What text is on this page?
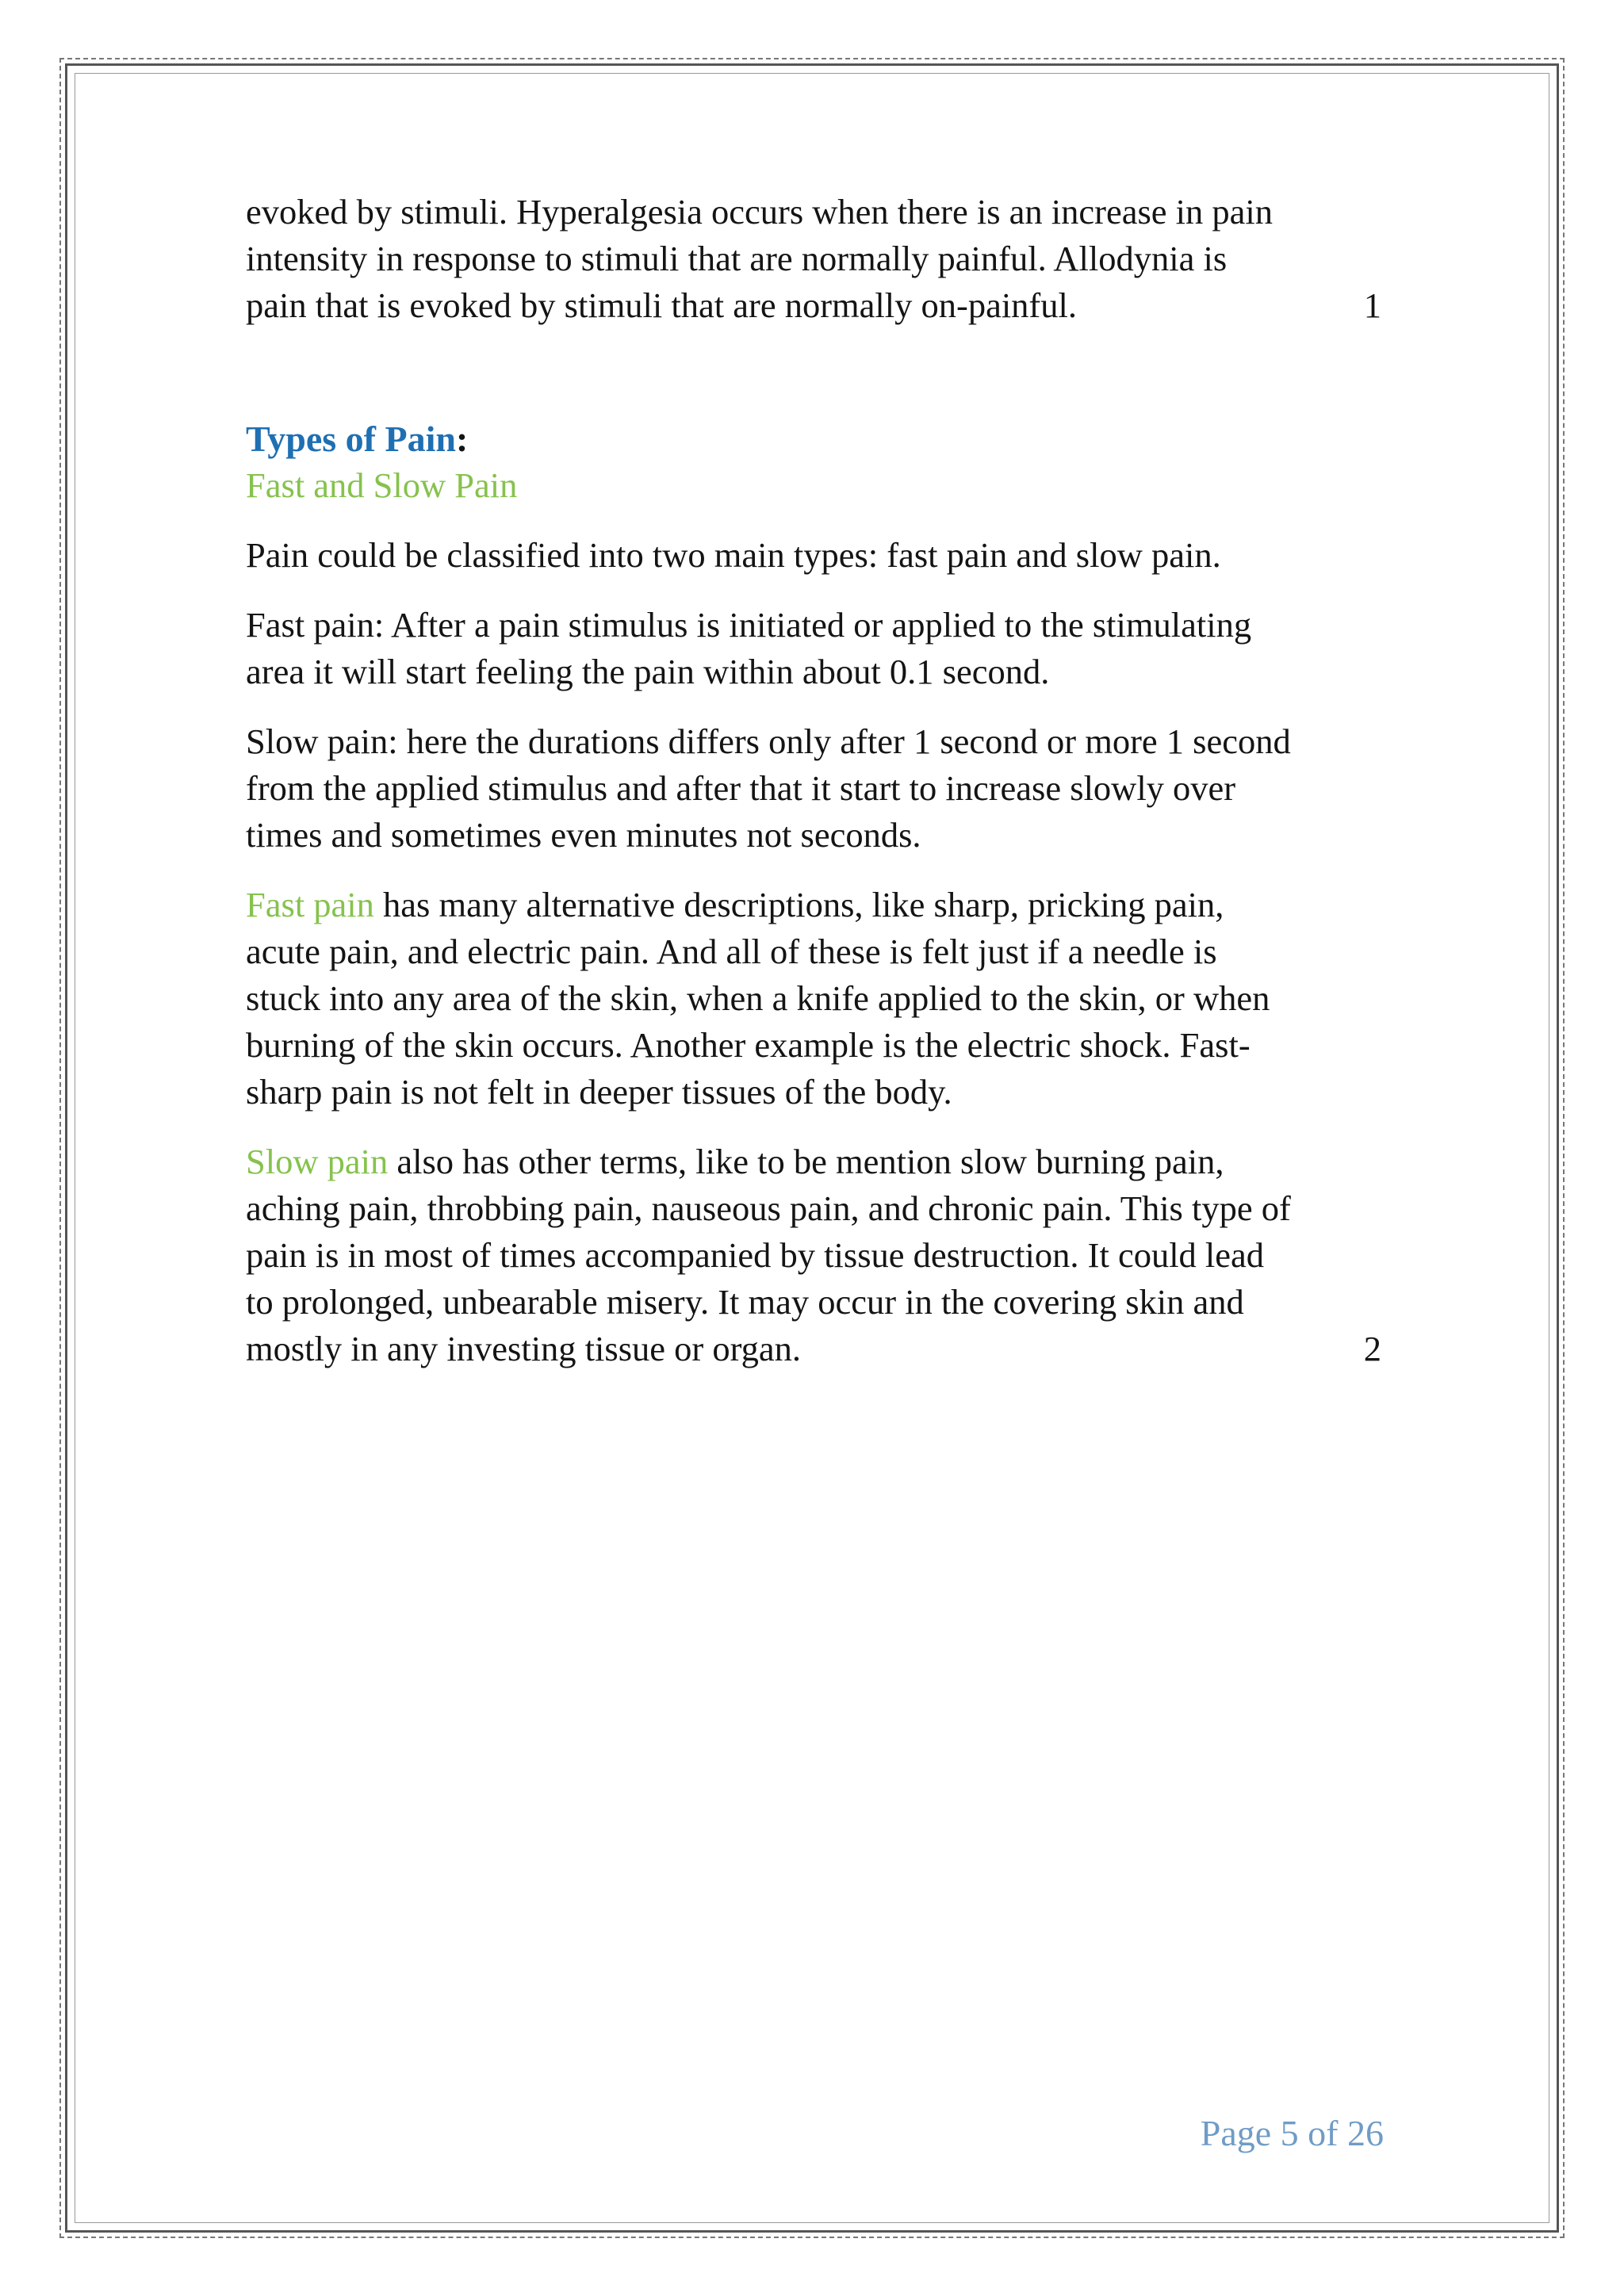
evoked by stimuli. Hyperalgesia occurs when there is an increase in pain

intensity in response to stimuli that are normally painful. Allodynia is

pain that is evoked by stimuli that are normally on-painful.	1

Types of Pain:

Fast and Slow Pain

Pain could be classified into two main types: fast pain and slow pain.

Fast pain: After a pain stimulus is initiated or applied to the stimulating

area it will start feeling the pain within about 0.1 second.

Slow pain: here the durations differs only after 1 second or more 1 second

from the applied stimulus and after that it start to increase slowly over

times and sometimes even minutes not seconds.

Fast pain has many alternative descriptions, like sharp, pricking pain,

acute pain, and electric pain. And all of these is felt just if a needle is

stuck into any area of the skin, when a knife applied to the skin, or when

burning of the skin occurs. Another example is the electric shock. Fast-

sharp pain is not felt in deeper tissues of the body.

Slow pain also has other terms, like to be mention slow burning pain,

aching pain, throbbing pain, nauseous pain, and chronic pain. This type of

pain is in most of times accompanied by tissue destruction. It could lead

to prolonged, unbearable misery. It may occur in the covering skin and

mostly in any investing tissue or organ.	2

Page 5 of 26
